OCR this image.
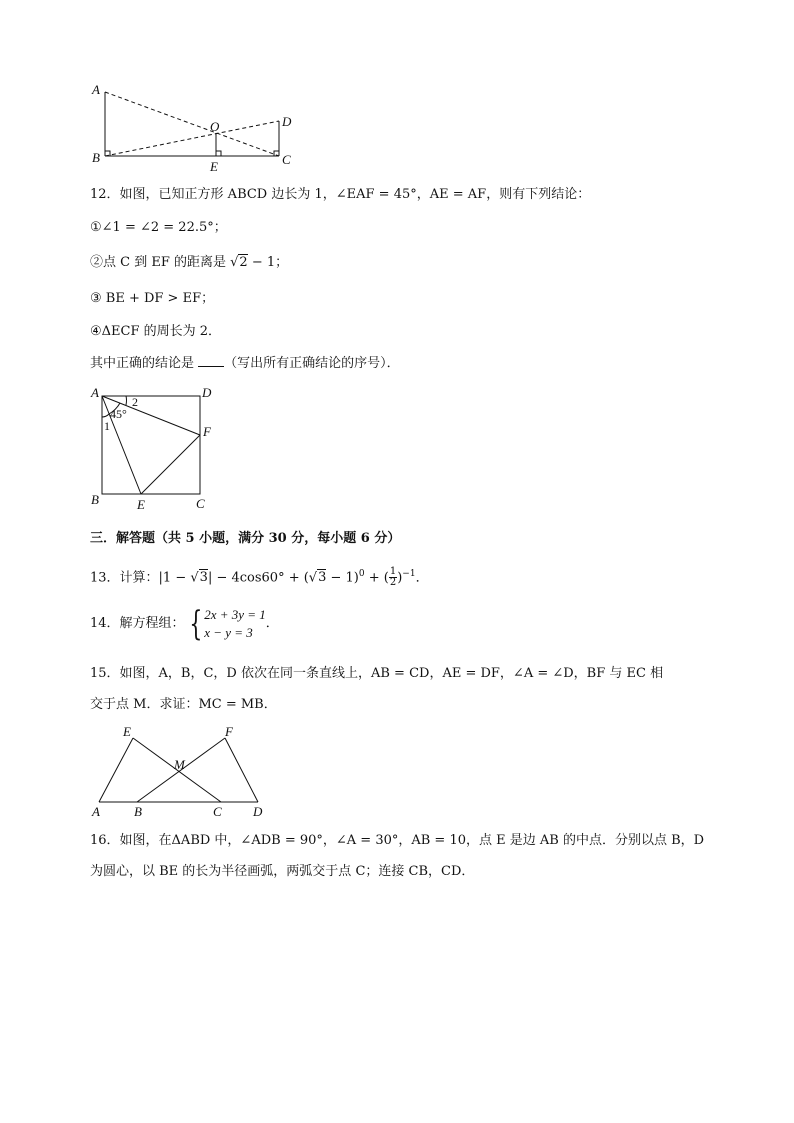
A
B	C
D
E
O
12．如图，已知正方形 ABCD 边长为 1，∠EAF = 45°，AE = AF，则有下列结论：
①∠1 = ∠2 = 22.5°；
②点 C 到 EF 的距离是 √2 − 1；
③ BE + DF > EF；
④ΔECF 的周长为 2．
其中正确的结论是 （写出所有正确结论的序号）．
A	D
B	C
E
F
45°
1
2
三．解答题（共 5 小题，满分 30 分，每小题 6 分）
13．计算：$|1 - √3| - 4\cos 60^\circ + (√3 - 1)^0$ + ( $\frac{1}{2} )^{-1}$．
14．解方程组： { 2x + 3y = 1
x − y = 3
．
15．如图，A，B，C，D 依次在同一条直线上，AB = CD，AE = DF，∠A = ∠D，BF 与 EC 相
交于点 M．求证：MC = MB．
A	B	C D
E	F
M
16．如图，在ΔABD 中，∠ADB = 90°，∠A = 30°，AB = 10，点 E 是边 AB 的中点．分别以点 B，D
为圆心，以 BE 的长为半径画弧，两弧交于点 C；连接 CB，CD．
